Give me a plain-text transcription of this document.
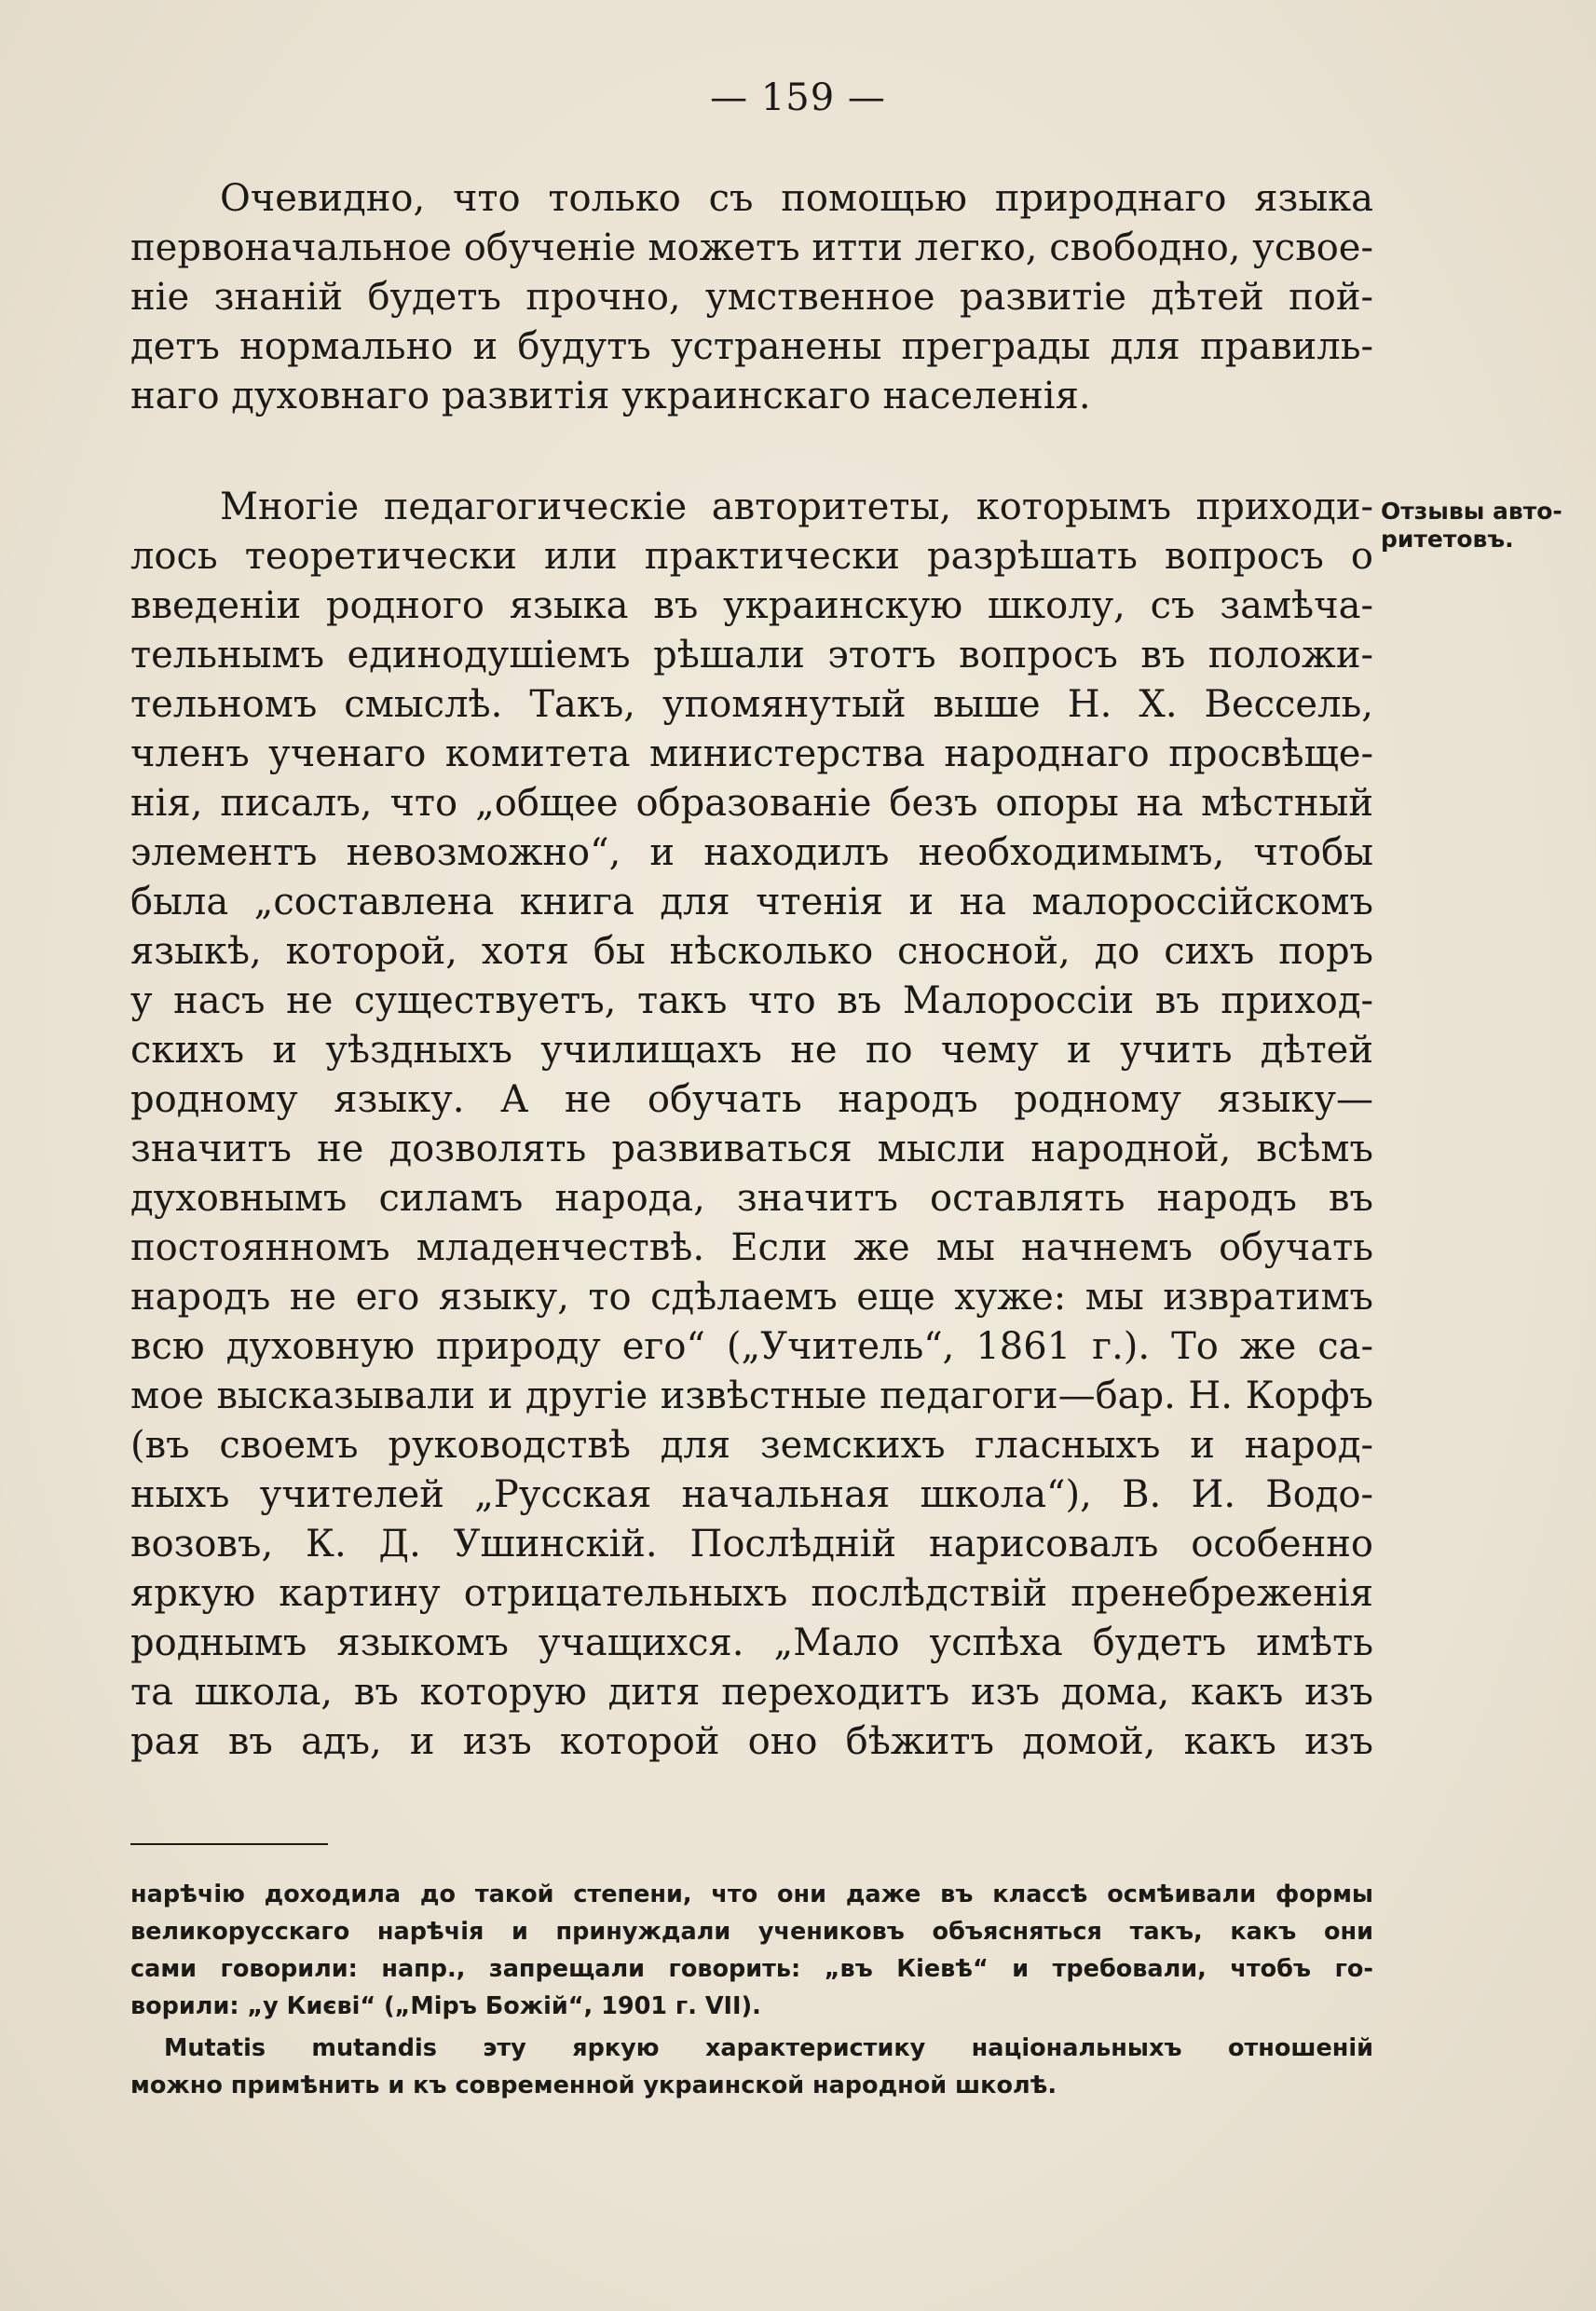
— 159 —
Очевидно, что только съ помощью природнаго языка
первоначальное обученіе можетъ итти легко, свободно, усвое-
ніе знаній будетъ прочно, умственное развитіе дѣтей пой-
детъ нормально и будутъ устранены преграды для правиль-
наго духовнаго развитія украинскаго населенія.
Многіе педагогическіе авторитеты, которымъ приходи-
лось теоретически или практически разрѣшать вопросъ о
введеніи родного языка въ украинскую школу, съ замѣча-
тельнымъ единодушіемъ рѣшали этотъ вопросъ въ положи-
тельномъ смыслѣ. Такъ, упомянутый выше Н. Х. Вессель,
членъ ученаго комитета министерства народнаго просвѣще-
нія, писалъ, что „общее образованіе безъ опоры на мѣстный
элементъ невозможно“, и находилъ необходимымъ, чтобы
была „составлена книга для чтенія и на малороссійскомъ
языкѣ, которой, хотя бы нѣсколько сносной, до сихъ поръ
у насъ не существуетъ, такъ что въ Малороссіи въ приход-
скихъ и уѣздныхъ училищахъ не по чему и учить дѣтей
родному языку. А не обучать народъ родному языку—
значитъ не дозволять развиваться мысли народной, всѣмъ
духовнымъ силамъ народа, значитъ оставлять народъ въ
постоянномъ младенчествѣ. Если же мы начнемъ обучать
народъ не его языку, то сдѣлаемъ еще хуже: мы извратимъ
всю духовную природу его“ („Учитель“, 1861 г.). То же са-
мое высказывали и другіе извѣстные педагоги—бар. Н. Корфъ
(въ своемъ руководствѣ для земскихъ гласныхъ и народ-
ныхъ учителей „Русская начальная школа“), В. И. Водо-
возовъ, К. Д. Ушинскій. Послѣдній нарисовалъ особенно
яркую картину отрицательныхъ послѣдствій пренебреженія
роднымъ языкомъ учащихся. „Мало успѣха будетъ имѣть
та школа, въ которую дитя переходитъ изъ дома, какъ изъ
рая въ адъ, и изъ которой оно бѣжитъ домой, какъ изъ
Отзывы авто-
ритетовъ.
нарѣчію доходила до такой степени, что они даже въ классѣ осмѣивали формы
великорусскаго нарѣчія и принуждали учениковъ объясняться такъ, какъ они
сами говорили: напр., запрещали говорить: „въ Кіевѣ“ и требовали, чтобъ го-
ворили: „у Києві“ („Міръ Божій“, 1901 г. VII).
Mutatis mutandis эту яркую характеристику національныхъ отношеній
можно примѣнить и къ современной украинской народной школѣ.
